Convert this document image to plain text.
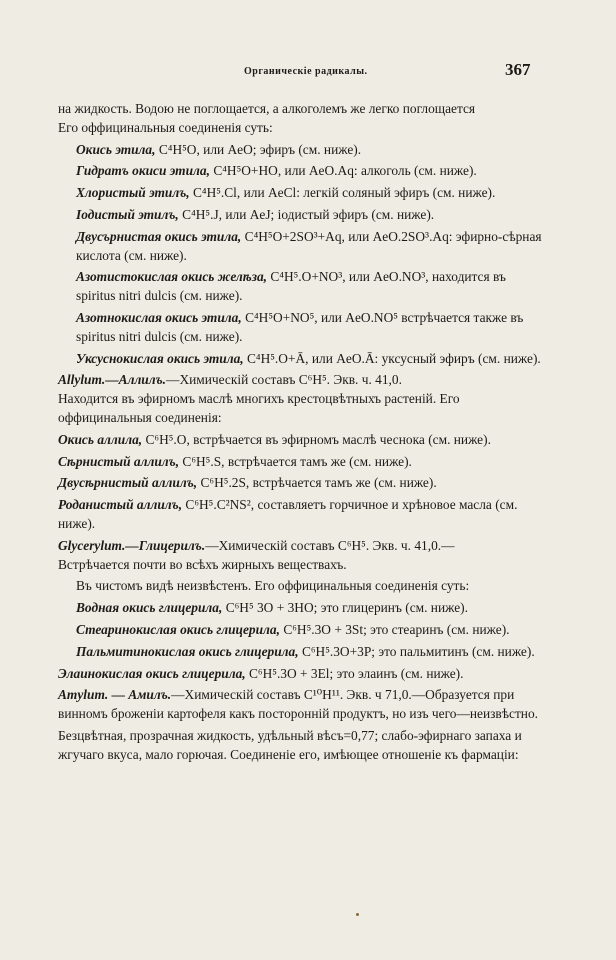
Органическіе радикалы.	367

на жидкость. Водою не поглощается, а алкоголемъ же легко поглощается
Его оффицинальныя соединенія суть:

Окись этила, C⁴H⁵O, или AeO; эфиръ (см. ниже).

Гидратъ окиси этила, C⁴H⁵O+HO, или AeO.Aq: алкоголь (см. ниже).

Хлористый этилъ, C⁴H⁵.Cl, или AeCl: легкій соляный эфиръ (см. ниже).

Іодистый этилъ, C⁴H⁵.J, или AeJ; іодистый эфиръ (см. ниже).

Двусърнистая окись этила, C⁴H⁵O+2SO³+Aq, или AeO.2SO³.Aq: эфирно-сѣрная кислота (см. ниже).

Азотистокислая окись желѣза, C⁴H⁵.O+NO³, или AeO.NO³, находится въ spiritus nitri dulcis (см. ниже).

Азотнокислая окись этила, C⁴H⁵O+NO⁵, или AeO.NO⁵ встрѣчается также въ spiritus nitri dulcis (см. ниже).

Уксуснокислая окись этила, C⁴H⁵.O+Ā, или AeO.Ā: уксусный эфиръ (см. ниже).

Allylum.—Аллилъ.—Химическій составъ C⁶H⁵. Экв. ч. 41,0.
Находится въ эфирномъ маслѣ многихъ крестоцвѣтныхъ растеній. Его оффицинальныя соединенія:

Окись аллила, C⁶H⁵.O, встрѣчается въ эфирномъ маслѣ чеснока (см. ниже).

Сѣрнистый аллилъ, C⁶H⁵.S, встрѣчается тамъ же (см. ниже).

Двусѣрнистый аллилъ, C⁶H⁵.2S, встрѣчается тамъ же (см. ниже).

Роданистый аллилъ, C⁶H⁵.C²NS², составляетъ горчичное и хрѣновое масла (см. ниже).

Glycerylum.—Глицерилъ.—Химическій составъ C⁶H⁵. Экв. ч. 41,0.—
Встрѣчается почти во всѣхъ жирныхъ веществахъ.

Въ чистомъ видѣ неизвѣстенъ. Его оффицинальныя соединенія суть:

Водная окись глицерила, C⁶H⁵ 3O + 3HO; это глицеринъ (см. ниже).

Стеаринокислая окись глицерила, C⁶H⁵.3O + 3St; это стеаринъ (см. ниже).

Пальмитинокислая окись глицерила, C⁶H⁵.3O+3P; это пальмитинъ (см. ниже).

Элаинокислая окись глицерила, C⁶H⁵.3O + 3El; это элаинъ (см. ниже).

Amylum. — Амилъ.—Химическій составъ C¹⁰H¹¹. Экв. ч 71,0.—Образуется при винномъ броженіи картофеля какъ посторонній продуктъ, но изъ чего—неизвѣстно.

Безцвѣтная, прозрачная жидкость, удѣльный вѣсъ=0,77; слабо-эфирнаго запаха и жгучаго вкуса, мало горючая. Соединеніе его, имѣющее отношеніе къ фармаціи:
